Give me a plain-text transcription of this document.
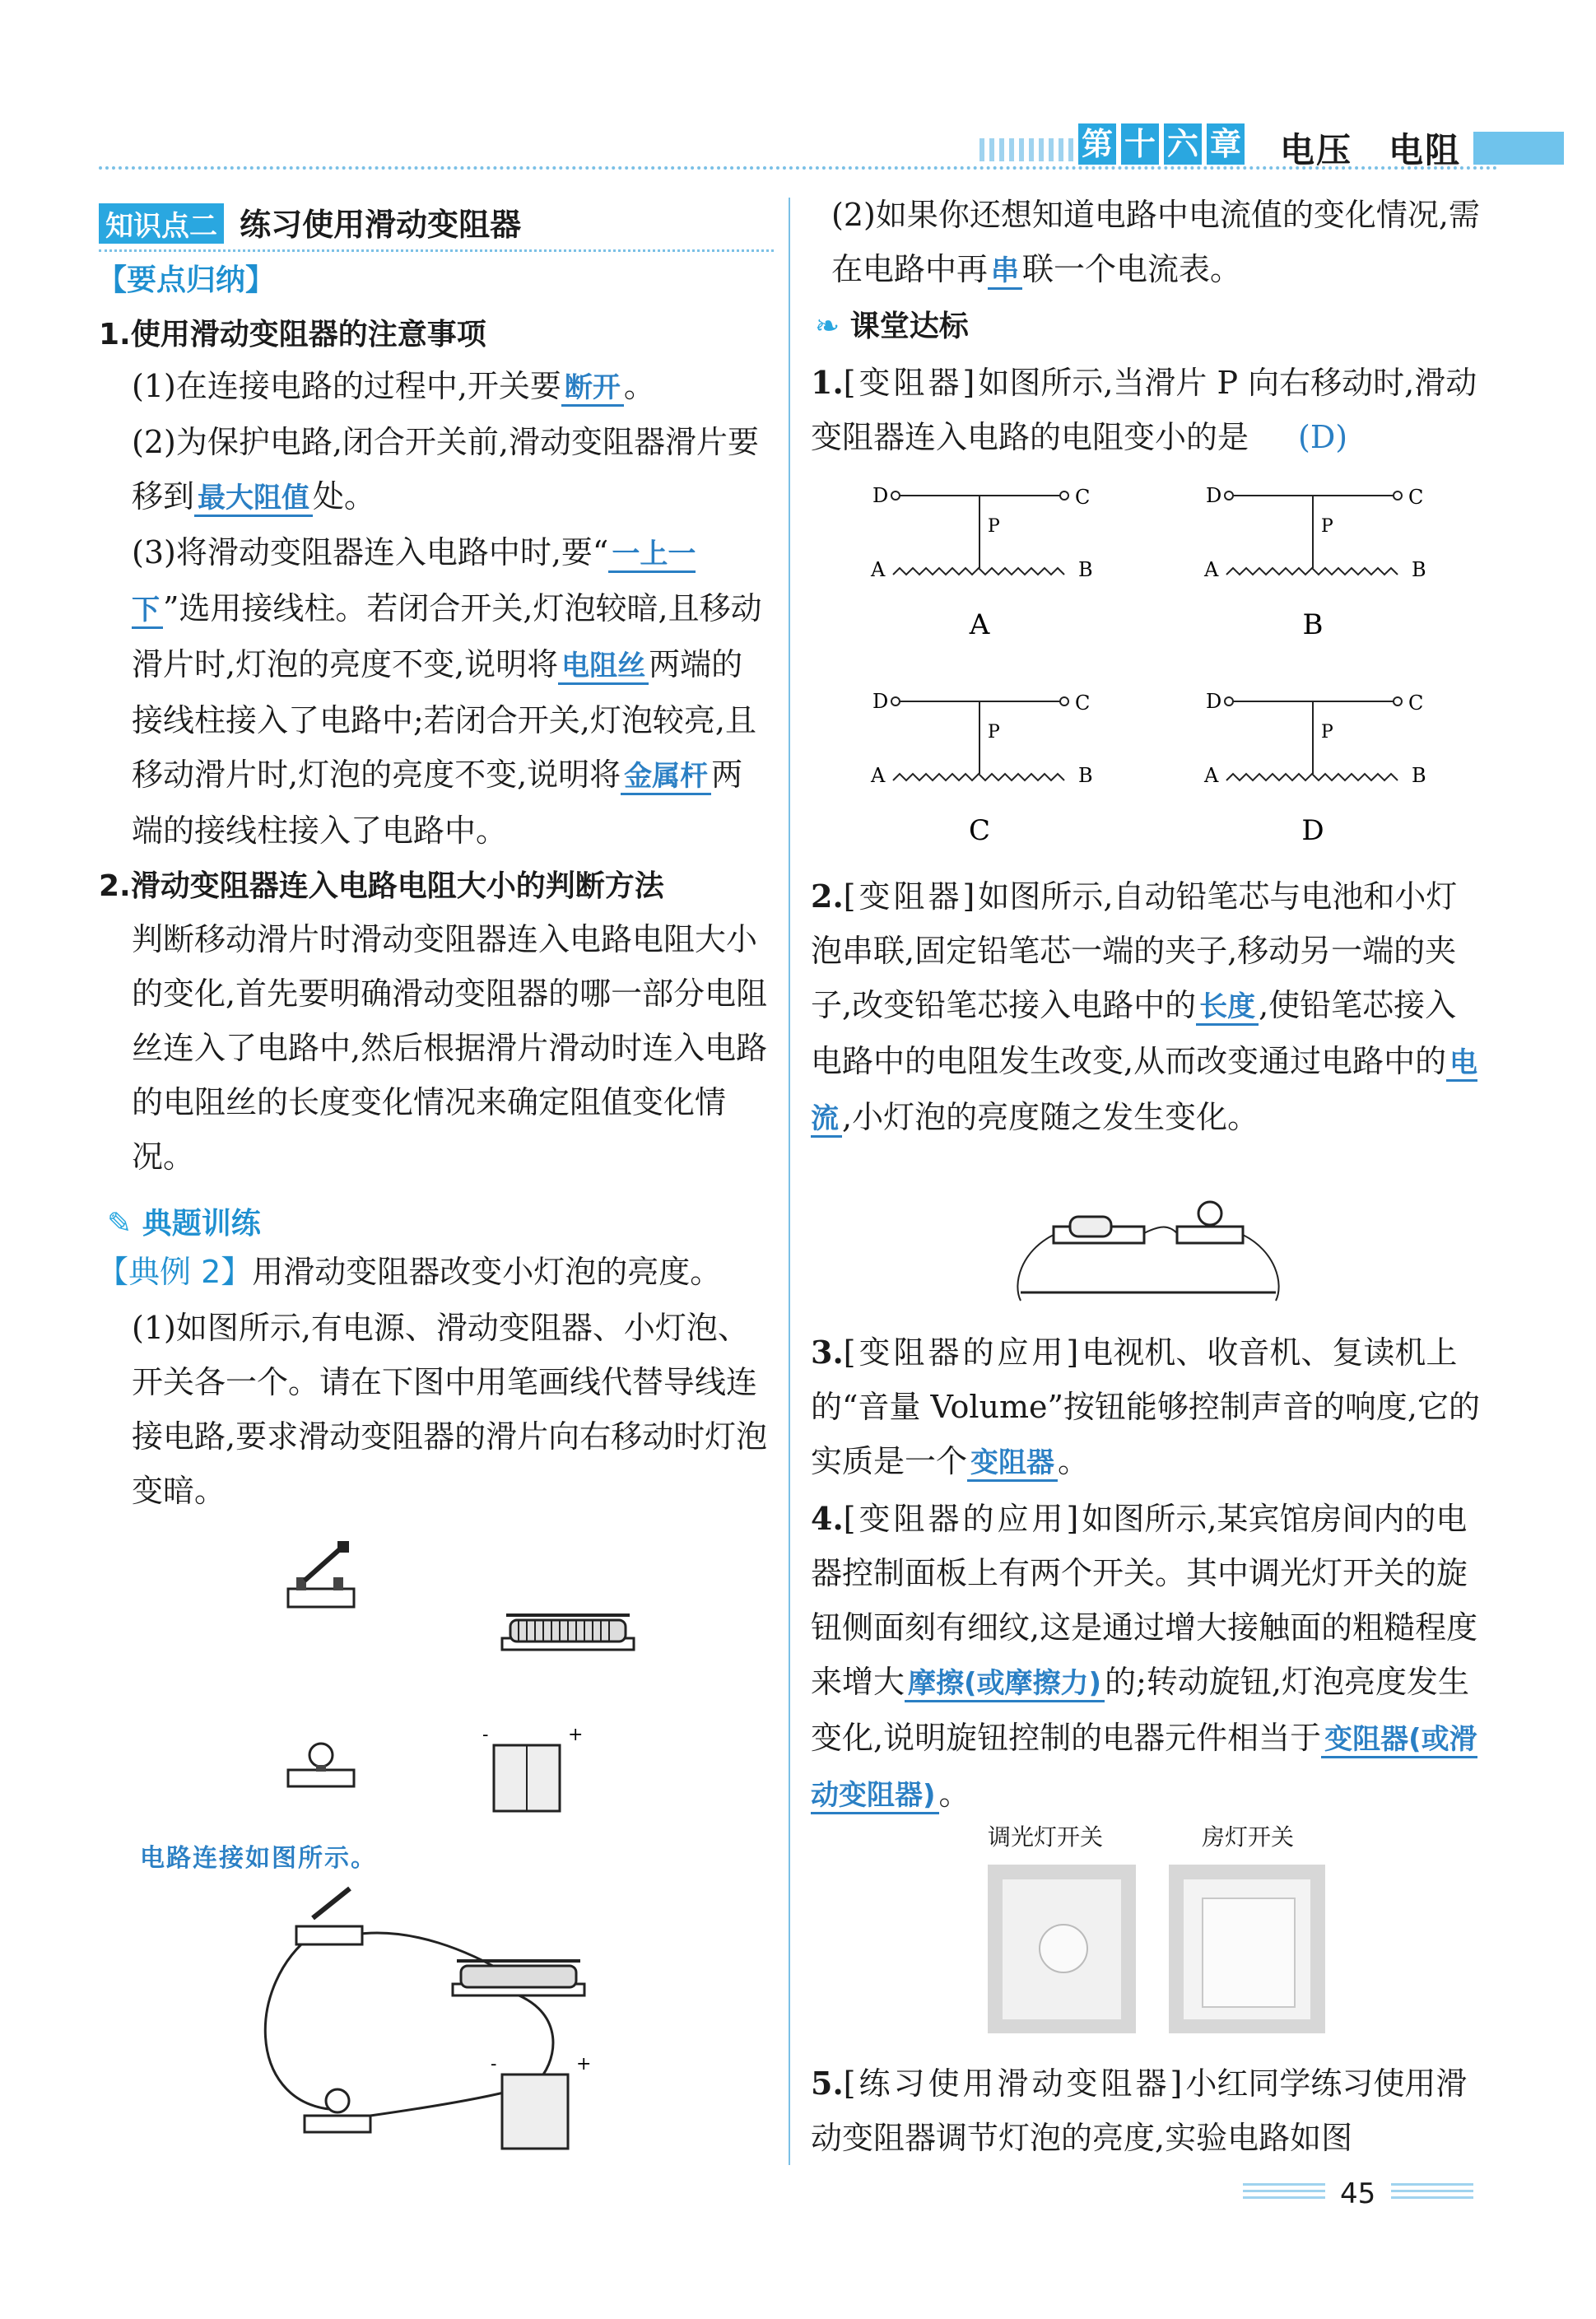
第 十 六 章 电压　电阻
知识点二 练习使用滑动变阻器
【要点归纳】
1.使用滑动变阻器的注意事项
(1)在连接电路的过程中,开关要 断开 。
(2)为保护电路,闭合开关前,滑动变阻器滑片要移到 最大阻值 处。
(3)将滑动变阻器连入电路中时,要“ 一上一下 ”选用接线柱。若闭合开关,灯泡较暗,且移动滑片时,灯泡的亮度不变,说明将 电阻丝 两端的接线柱接入了电路中;若闭合开关,灯泡较亮,且移动滑片时,灯泡的亮度不变,说明将 金属杆 两端的接线柱接入了电路中。
2.滑动变阻器连入电路电阻大小的判断方法
判断移动滑片时滑动变阻器连入电路电阻大小的变化,首先要明确滑动变阻器的哪一部分电阻丝连入了电路中,然后根据滑片滑动时连入电路的电阻丝的长度变化情况来确定阻值变化情况。
✎ 典题训练
【典例 2】用滑动变阻器改变小灯泡的亮度。
(1)如图所示,有电源、滑动变阻器、小灯泡、开关各一个。请在下图中用笔画线代替导线连接电路,要求滑动变阻器的滑片向右移动时灯泡变暗。
-	+
电路连接如图所示。
-	+
(2)如果你还想知道电路中电流值的变化情况,需在电路中再 串 联一个电流表。
❧ 课堂达标
1.[变阻器]如图所示,当滑片 P 向右移动时,滑动变阻器连入电路的电阻变小的是 (D)
D	C
P
A	B
A
D	C
P
A	B
B
D	C
P
A	B
C
D	C
P
A	B
D
2.[变阻器]如图所示,自动铅笔芯与电池和小灯泡串联,固定铅笔芯一端的夹子,移动另一端的夹子,改变铅笔芯接入电路中的 长度 ,使铅笔芯接入电路中的电阻发生改变,从而改变通过电路中的 电流 ,小灯泡的亮度随之发生变化。
3.[变阻器的应用]电视机、收音机、复读机上的“音量 Volume”按钮能够控制声音的响度,它的实质是一个 变阻器 。
4.[变阻器的应用]如图所示,某宾馆房间内的电器控制面板上有两个开关。其中调光灯开关的旋钮侧面刻有细纹,这是通过增大接触面的粗糙程度来增大 摩擦(或摩擦力) 的;转动旋钮,灯泡亮度发生变化,说明旋钮控制的电器元件相当于 变阻器(或滑动变阻器) 。
调光灯开关	房灯开关
5.[练习使用滑动变阻器]小红同学练习使用滑动变阻器调节灯泡的亮度,实验电路如图
45
